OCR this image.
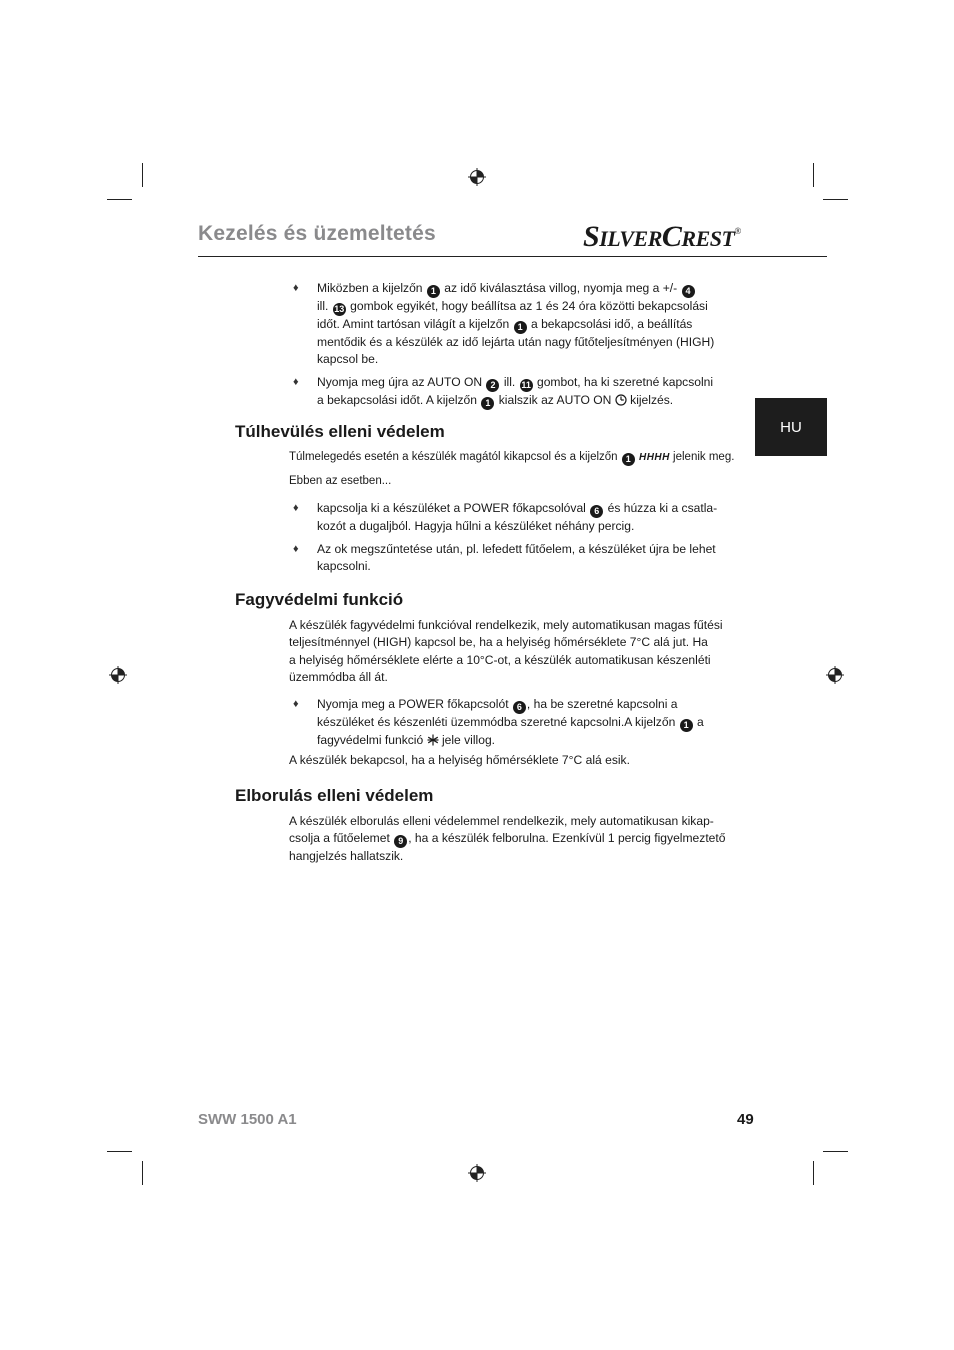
Kezelés és üzemeltetés	SILVERCREST®
HU
♦ Miközben a kijelzőn 1 az idő kiválasztása villog, nyomja meg a +/- 4
ill. 13 gombok egyikét, hogy beállítsa az 1 és 24 óra közötti bekapcsolási
időt. Amint tartósan világít a kijelzőn 1 a bekapcsolási idő, a beállítás
mentődik és a készülék az idő lejárta után nagy fűtőteljesítményen (HIGH)
kapcsol be.
♦ Nyomja meg újra az AUTO ON 2 ill. 11 gombot, ha ki szeretné kapcsolni
a bekapcsolási időt. A kijelzőn 1 kialszik az AUTO ON  kijelzés.
Túlhevülés elleni védelem
Túlmelegedés esetén a készülék magától kikapcsol és a kijelzőn 1 HHHH jelenik meg.
Ebben az esetben...
♦ kapcsolja ki a készüléket a POWER főkapcsolóval 6 és húzza ki a csatla-
kozót a dugaljból. Hagyja hűlni a készüléket néhány percig.
♦ Az ok megszűntetése után, pl. lefedett fűtőelem, a készüléket újra be lehet
kapcsolni.
Fagyvédelmi funkció
A készülék fagyvédelmi funkcióval rendelkezik, mely automatikusan magas fűtési
teljesítménnyel (HIGH) kapcsol be, ha a helyiség hőmérséklete 7°C alá jut. Ha
a helyiség hőmérséklete elérte a 10°C-ot, a készülék automatikusan készenléti
üzemmódba áll át.
♦ Nyomja meg a POWER főkapcsolót 6 , ha be szeretné kapcsolni a
készüléket és készenléti üzemmódba szeretné kapcsolni.A kijelzőn 1 a
fagyvédelmi funkció  jele villog.
A készülék bekapcsol, ha a helyiség hőmérséklete 7°C alá esik.
Elborulás elleni védelem
A készülék elborulás elleni védelemmel rendelkezik, mely automatikusan kikap-
csolja a fűtőelemet 9 , ha a készülék felborulna. Ezenkívül 1 percig figyelmeztető
hangjelzés hallatszik.
SWW 1500 A1	49
